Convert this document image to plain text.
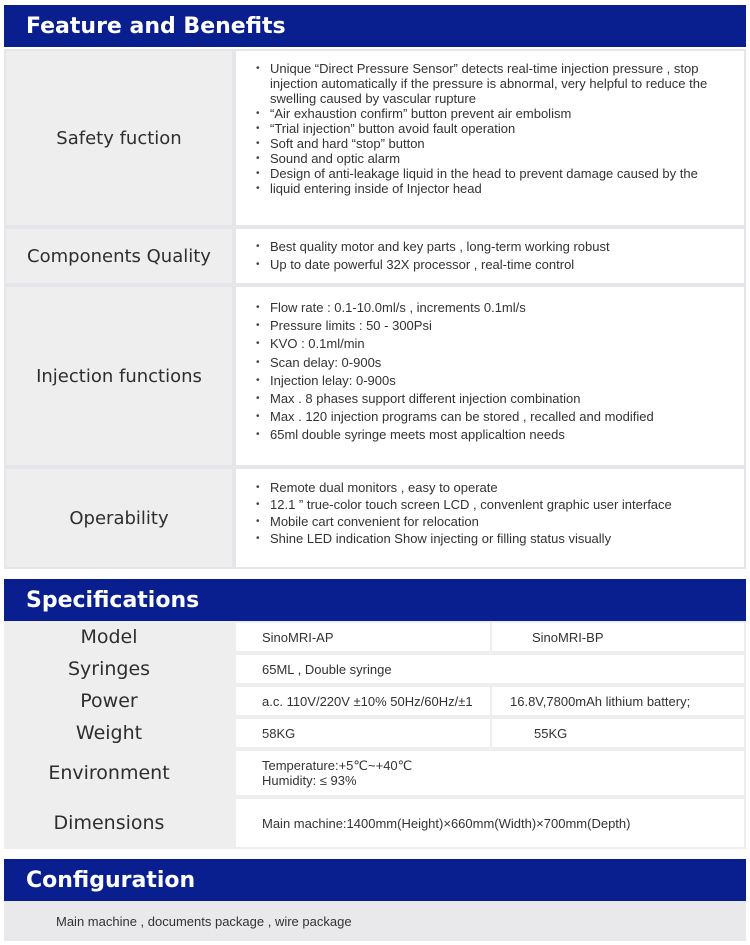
Feature and Benefits
Safety fuction
• Unique “Direct Pressure Sensor” detects real-time injection pressure , stop injection automatically if the pressure is abnormal, very helpful to reduce the swelling caused by vascular rupture
• “Air exhaustion confirm” button prevent air embolism
• “Trial injection” button avoid fault operation
• Soft and hard “stop” button
• Sound and optic alarm
• Design of anti-leakage liquid in the head to prevent damage caused by the
• liquid entering inside of Injector head
Components Quality
•	Best quality motor and key parts , long-term working robust
• Up to date powerful 32X processor , real-time control
Injection functions
• Flow rate : 0.1-10.0ml/s , increments 0.1ml/s
• Pressure limits : 50 - 300Psi
• KVO : 0.1ml/min
• Scan delay: 0-900s
• Injection lelay: 0-900s
• Max . 8 phases support different injection combination
• Max . 120 injection programs can be stored , recalled and modified
• 65ml double syringe meets most applicaltion needs
Operability
• Remote dual monitors , easy to operate
• 12.1 ” true-color touch screen LCD , convenlent graphic user interface
• Mobile cart convenient for relocation
• Shine LED indication Show injecting or filling status visually
Specifications
Model	SinoMRI-AP	SinoMRI-BP
Syringes	65ML , Double syringe
Power	a.c. 110V/220V ±10% 50Hz/60Hz/±1	16.8V,7800mAh lithium battery;
Weight	58KG	55KG
Environment	Temperature:+5℃~+40℃
Humidity: ≤ 93%
Dimensions	Main machine:1400mm(Height)×660mm(Width)×700mm(Depth)
Configuration
Main machine , documents package , wire package
